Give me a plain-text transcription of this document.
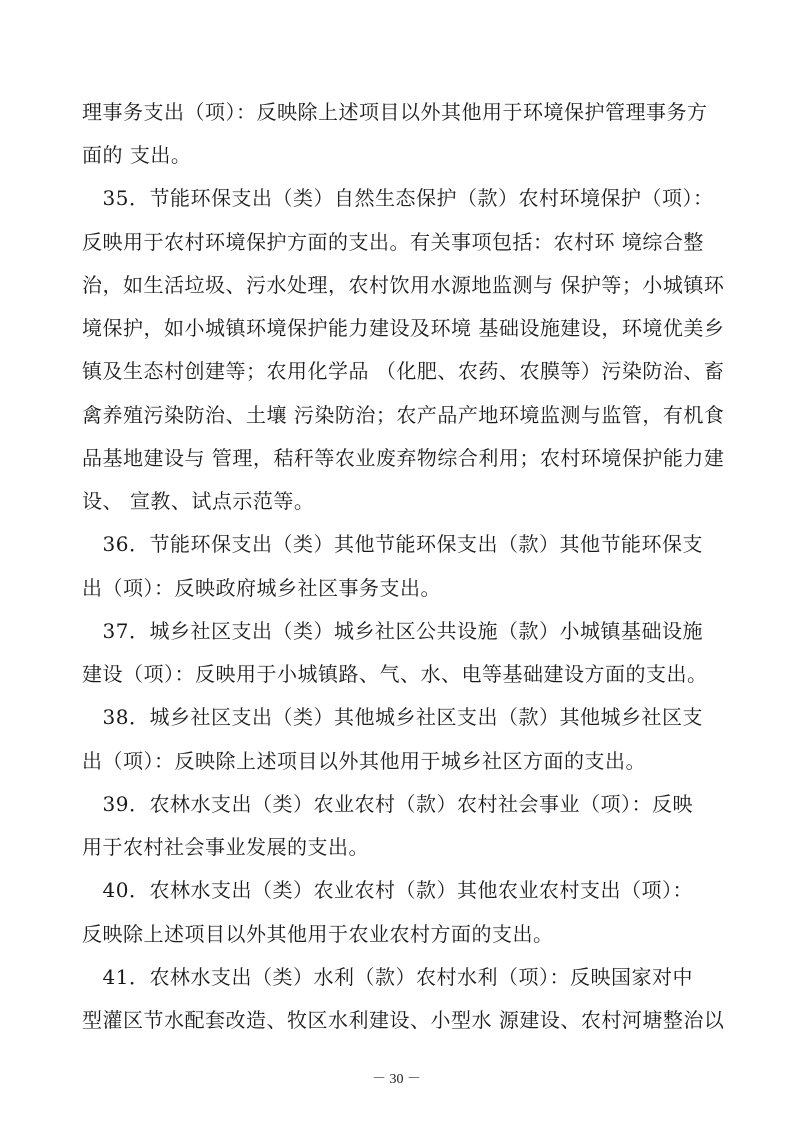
理事务支出（项）：反映除上述项目以外其他用于环境保护管理事务方
面的 支出。
　35．节能环保支出（类）自然生态保护（款）农村环境保护（项）：
反映用于农村环境保护方面的支出。有关事项包括：农村环 境综合整
治，如生活垃圾、污水处理，农村饮用水源地监测与 保护等；小城镇环
境保护，如小城镇环境保护能力建设及环境 基础设施建设，环境优美乡
镇及生态村创建等；农用化学品 （化肥、农药、农膜等）污染防治、畜
禽养殖污染防治、土壤 污染防治；农产品产地环境监测与监管，有机食
品基地建设与 管理，秸秆等农业废弃物综合利用；农村环境保护能力建
设、 宣教、试点示范等。
　36．节能环保支出（类）其他节能环保支出（款）其他节能环保支
出（项）：反映政府城乡社区事务支出。
　37．城乡社区支出（类）城乡社区公共设施（款）小城镇基础设施
建设（项）：反映用于小城镇路、气、水、电等基础建设方面的支出。
　38．城乡社区支出（类）其他城乡社区支出（款）其他城乡社区支
出（项）：反映除上述项目以外其他用于城乡社区方面的支出。
　39．农林水支出（类）农业农村（款）农村社会事业（项）：反映
用于农村社会事业发展的支出。
　40．农林水支出（类）农业农村（款）其他农业农村支出（项）：
反映除上述项目以外其他用于农业农村方面的支出。
　41．农林水支出（类）水利（款）农村水利（项）：反映国家对中
型灌区节水配套改造、牧区水利建设、小型水 源建设、农村河塘整治以
－ 30 －
